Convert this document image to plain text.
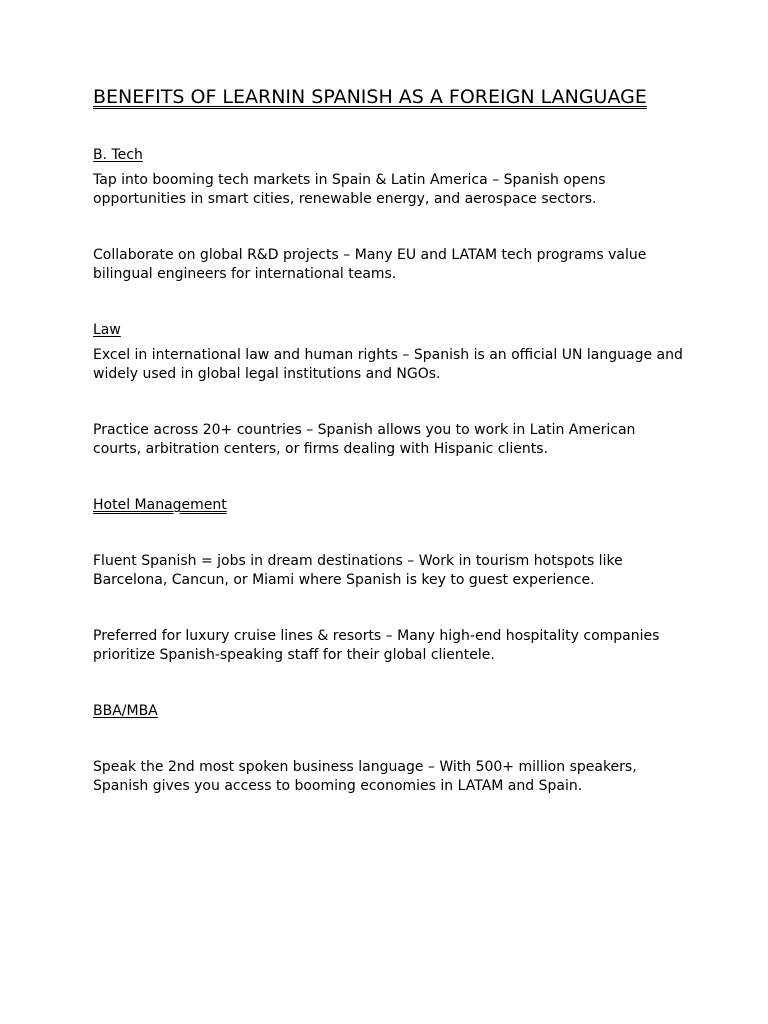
BENEFITS OF LEARNIN SPANISH AS A FOREIGN LANGUAGE
B. Tech

Tap into booming tech markets in Spain & Latin America – Spanish opens opportunities in smart cities, renewable energy, and aerospace sectors.

Collaborate on global R&D projects – Many EU and LATAM tech programs value bilingual engineers for international teams.

Law

Excel in international law and human rights – Spanish is an official UN language and widely used in global legal institutions and NGOs.

Practice across 20+ countries – Spanish allows you to work in Latin American courts, arbitration centers, or firms dealing with Hispanic clients.

Hotel Management

Fluent Spanish = jobs in dream destinations – Work in tourism hotspots like Barcelona, Cancun, or Miami where Spanish is key to guest experience.

Preferred for luxury cruise lines & resorts – Many high-end hospitality companies prioritize Spanish-speaking staff for their global clientele.

BBA/MBA

Speak the 2nd most spoken business language – With 500+ million speakers, Spanish gives you access to booming economies in LATAM and Spain.
